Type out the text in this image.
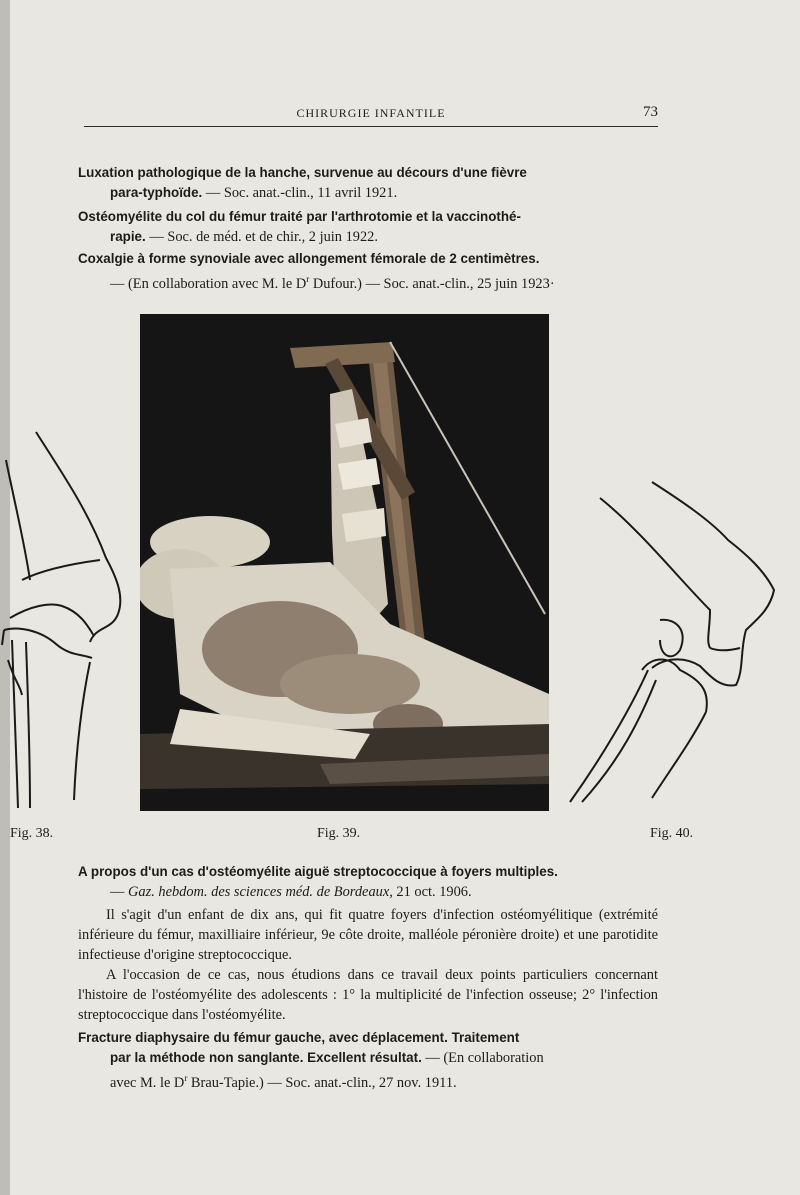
CHIRURGIE INFANTILE	73
Luxation pathologique de la hanche, survenue au décours d'une fièvre
para-typhoïde. — Soc. anat.-clin., 11 avril 1921.
Ostéomyélite du col du fémur traité par l'arthrotomie et la vaccinothé-
rapie. — Soc. de méd. et de chir., 2 juin 1922.
Coxalgie à forme synoviale avec allongement fémorale de 2 centimètres.
— (En collaboration avec M. le $D^r$ Dufour.) — Soc. anat.-clin., 25 juin 1923·
Fig. 38.	Fig. 39.	Fig. 40.
A propos d'un cas d'ostéomyélite aiguë streptococcique à foyers multiples.
— Gaz. hebdom. des sciences méd. de Bordeaux, 21 oct. 1906.

Il s'agit d'un enfant de dix ans, qui fit quatre foyers d'infection ostéomyélitique (extrémité inférieure du fémur, maxilliaire inférieur, 9e côte droite, malléole péronière droite) et une parotidite infectieuse d'origine streptococcique.

A l'occasion de ce cas, nous étudions dans ce travail deux points particuliers concernant l'histoire de l'ostéomyélite des adolescents : 1° la multiplicité de l'infection osseuse; 2° l'infection streptococcique dans l'ostéomyélite.

Fracture diaphysaire du fémur gauche, avec déplacement. Traitement
par la méthode non sanglante. Excellent résultat. — (En collaboration
avec M. le $D^r$ Brau-Tapie.) — Soc. anat.-clin., 27 nov. 1911.
